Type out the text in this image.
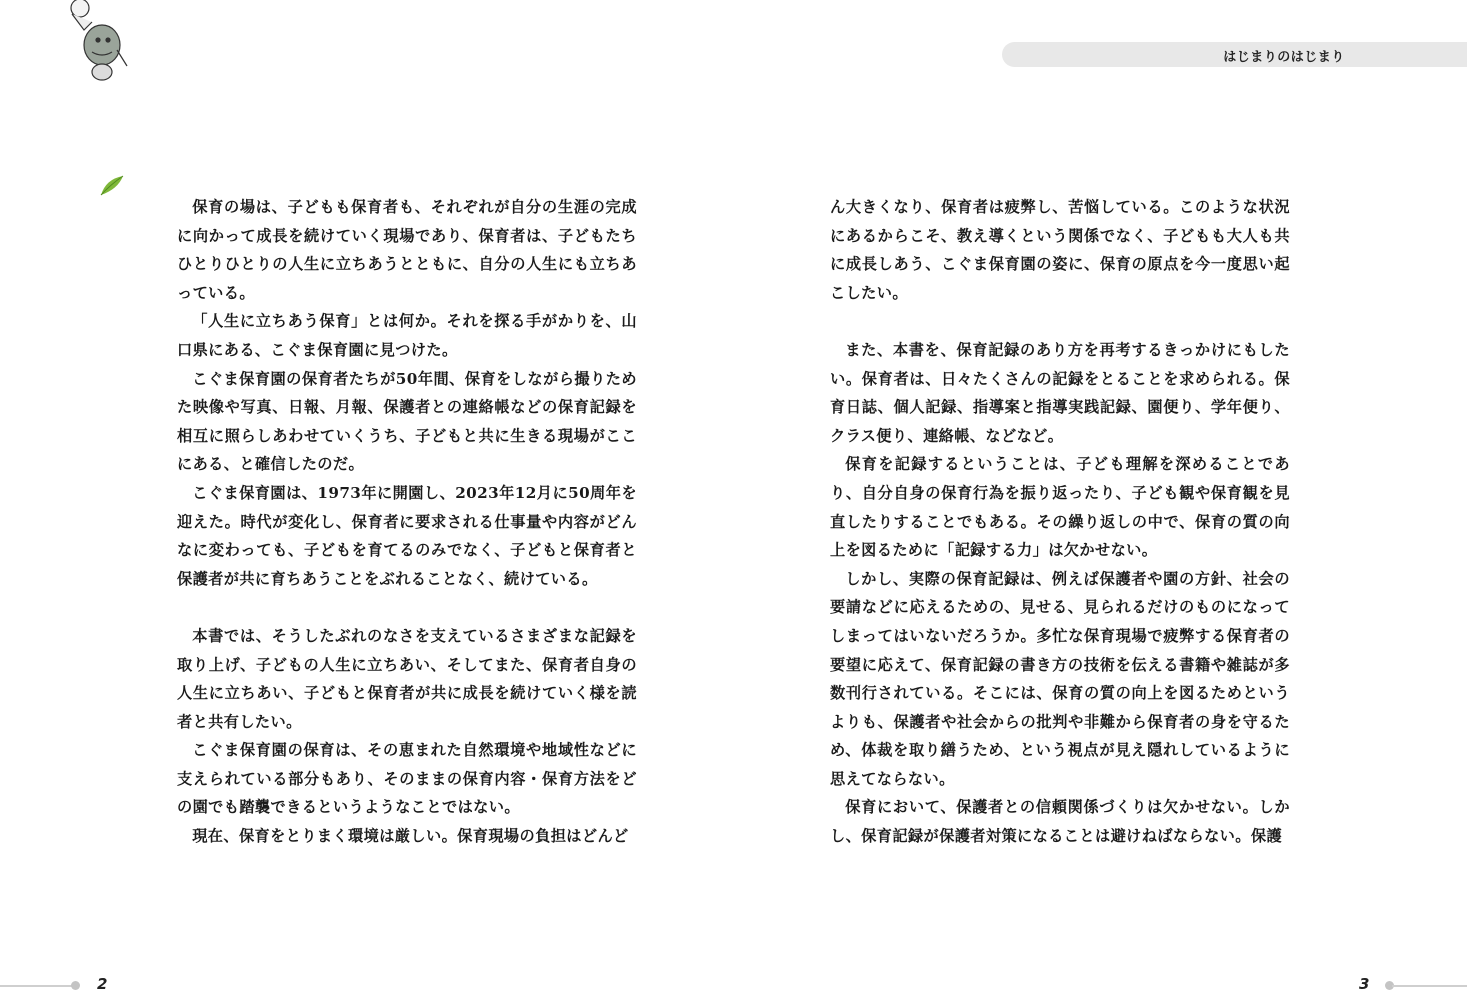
保育の場は、子どもも保育者も、それぞれが自分の生涯の完成に向かって成長を続けていく現場であり、保育者は、子どもたちひとりひとりの人生に立ちあうとともに、自分の人生にも立ちあっている。

「人生に立ちあう保育」とは何か。それを探る手がかりを、山口県にある、こぐま保育園に見つけた。

こぐま保育園の保育者たちが50年間、保育をしながら撮りためた映像や写真、日報、月報、保護者との連絡帳などの保育記録を相互に照らしあわせていくうち、子どもと共に生きる現場がここにある、と確信したのだ。

こぐま保育園は、1973年に開園し、2023年12月に50周年を迎えた。時代が変化し、保育者に要求される仕事量や内容がどんなに変わっても、子どもを育てるのみでなく、子どもと保育者と保護者が共に育ちあうことをぶれることなく、続けている。

本書では、そうしたぶれのなさを支えているさまざまな記録を取り上げ、子どもの人生に立ちあい、そしてまた、保育者自身の人生に立ちあい、子どもと保育者が共に成長を続けていく様を読者と共有したい。

こぐま保育園の保育は、その恵まれた自然環境や地域性などに支えられている部分もあり、そのままの保育内容・保育方法をどの園でも踏襲できるというようなことではない。

現在、保育をとりまく環境は厳しい。保育現場の負担はどんど

2
はじまりのはじまり

ん大きくなり、保育者は疲弊し、苦悩している。このような状況にあるからこそ、教え導くという関係でなく、子どもも大人も共に成長しあう、こぐま保育園の姿に、保育の原点を今一度思い起こしたい。

また、本書を、保育記録のあり方を再考するきっかけにもしたい。保育者は、日々たくさんの記録をとることを求められる。保育日誌、個人記録、指導案と指導実践記録、園便り、学年便り、クラス便り、連絡帳、などなど。

保育を記録するということは、子ども理解を深めることであり、自分自身の保育行為を振り返ったり、子ども観や保育観を見直したりすることでもある。その繰り返しの中で、保育の質の向上を図るために「記録する力」は欠かせない。

しかし、実際の保育記録は、例えば保護者や園の方針、社会の要請などに応えるための、見せる、見られるだけのものになってしまってはいないだろうか。多忙な保育現場で疲弊する保育者の要望に応えて、保育記録の書き方の技術を伝える書籍や雑誌が多数刊行されている。そこには、保育の質の向上を図るためというよりも、保護者や社会からの批判や非難から保育者の身を守るため、体裁を取り繕うため、という視点が見え隠れしているように思えてならない。

保育において、保護者との信頼関係づくりは欠かせない。しかし、保育記録が保護者対策になることは避けねばならない。保護

3
